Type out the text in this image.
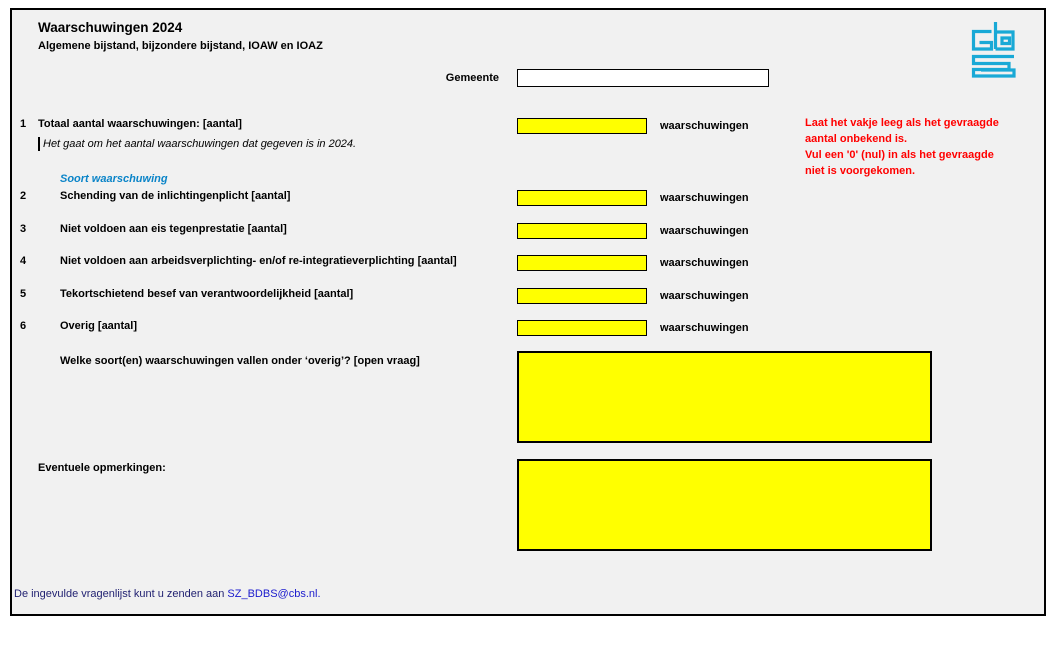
Waarschuwingen 2024
Algemene bijstand, bijzondere bijstand, IOAW en IOAZ
Gemeente
1	Totaal aantal waarschuwingen: [aantal]	waarschuwingen
Het gaat om het aantal waarschuwingen dat gegeven is in 2024.
Laat het vakje leeg als het gevraagde
aantal onbekend is.
Vul een '0' (nul) in als het gevraagde
niet is voorgekomen.
Soort waarschuwing
2	Schending van de inlichtingenplicht [aantal]	waarschuwingen
3	Niet voldoen aan eis tegenprestatie [aantal]	waarschuwingen
4	Niet voldoen aan arbeidsverplichting- en/of re-integratieverplichting [aantal]	waarschuwingen
5	Tekortschietend besef van verantwoordelijkheid [aantal]	waarschuwingen
6	Overig [aantal]	waarschuwingen
Welke soort(en) waarschuwingen vallen onder ‘overig’? [open vraag]
Eventuele opmerkingen:
De ingevulde vragenlijst kunt u zenden aan SZ_BDBS@cbs.nl.
